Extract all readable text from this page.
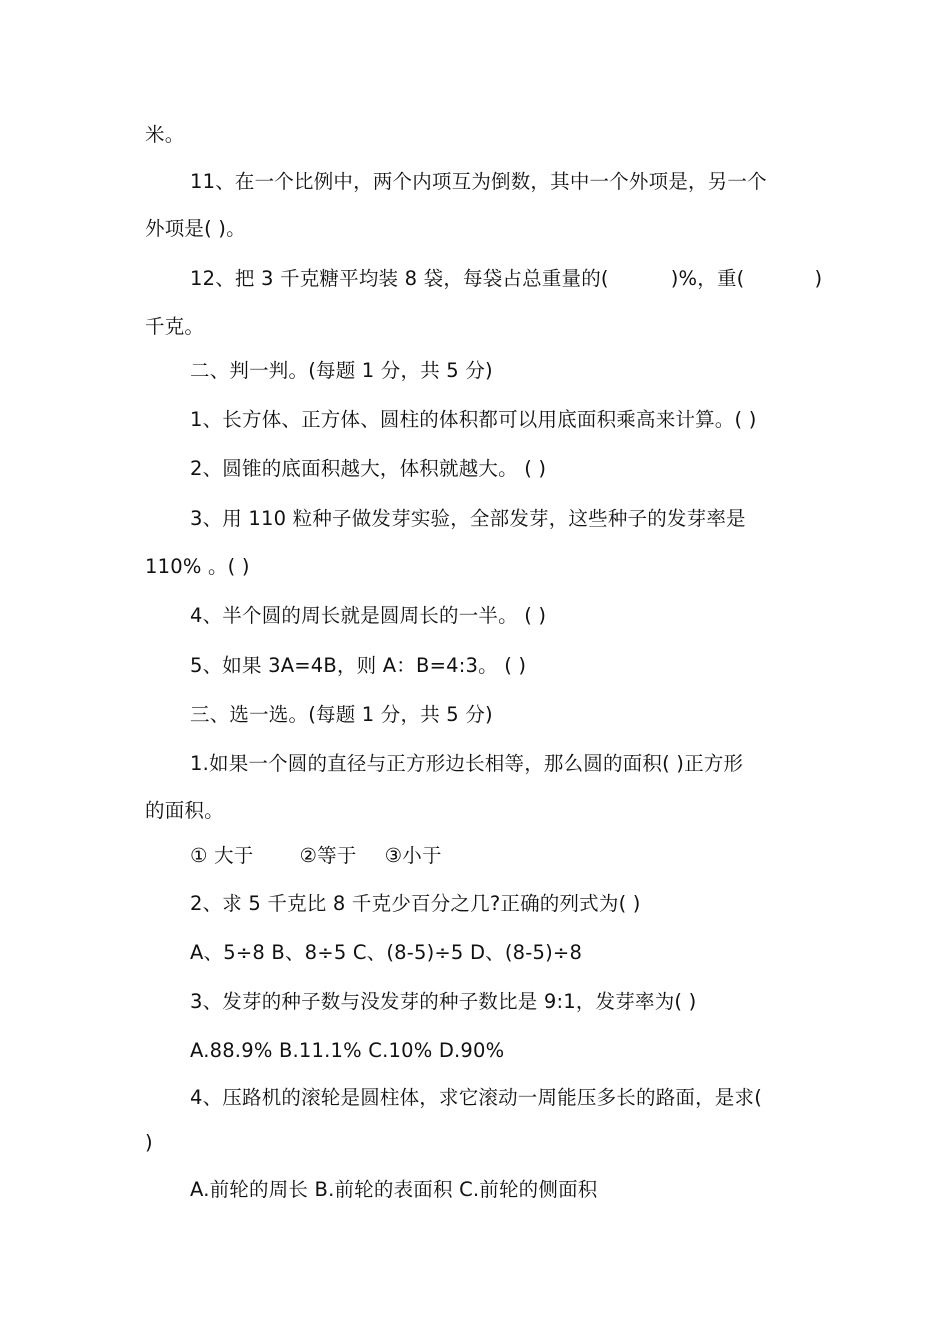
米。
11、在一个比例中，两个内项互为倒数，其中一个外项是，另一个
外项是( )。
12、把 3 千克糖平均装 8 袋，每袋占总重量的(	)%，重(	)
千克。
二、判一判。(每题 1 分，共 5 分)
1、长方体、正方体、圆柱的体积都可以用底面积乘高来计算。( )
2、圆锥的底面积越大，体积就越大。 ( )
3、用 110 粒种子做发芽实验，全部发芽，这些种子的发芽率是
110% 。( )
4、半个圆的周长就是圆周长的一半。 ( )
5、如果 3A=4B，则 A：B=4:3。 ( )
三、选一选。(每题 1 分，共 5 分)
1.如果一个圆的直径与正方形边长相等，那么圆的面积( )正方形
的面积。
① 大于 ②等于 ③小于
2、求 5 千克比 8 千克少百分之几?正确的列式为( )
A、5÷8 B、8÷5 C、(8-5)÷5 D、(8-5)÷8
3、发芽的种子数与没发芽的种子数比是 9:1，发芽率为( )
A.88.9% B.11.1% C.10% D.90%
4、压路机的滚轮是圆柱体，求它滚动一周能压多长的路面，是求(
)
A.前轮的周长 B.前轮的表面积 C.前轮的侧面积
